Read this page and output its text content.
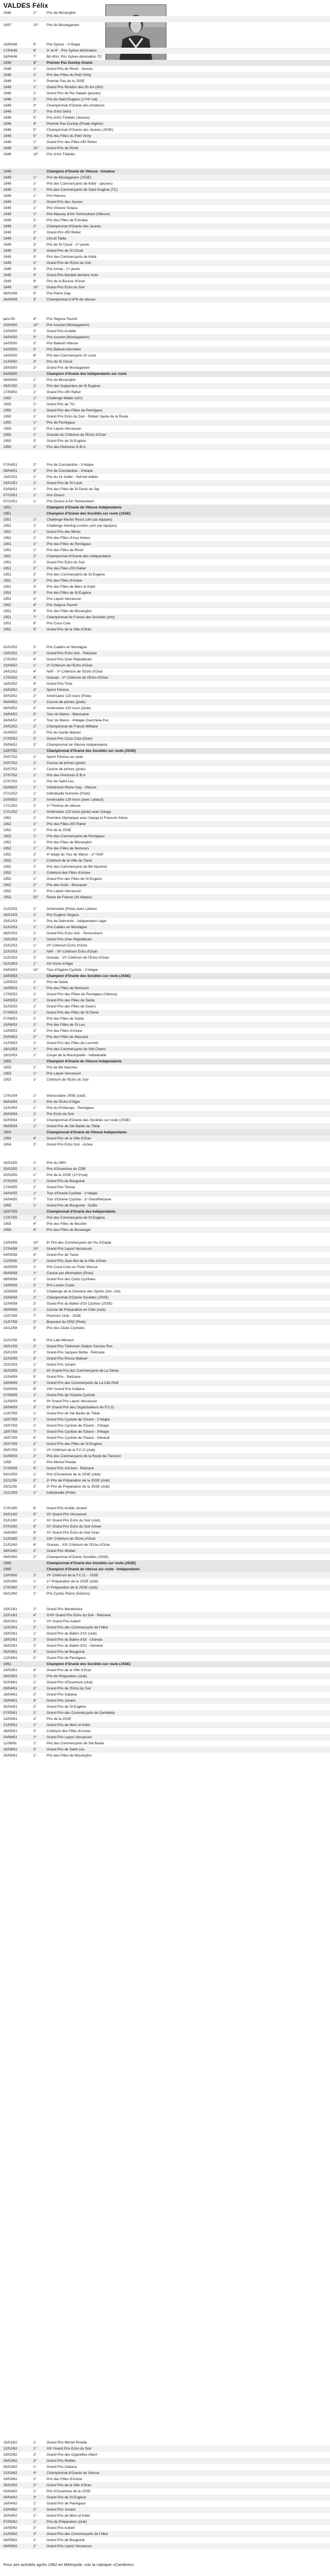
VALDES Félix
1946	2°	Prix de Misserghin
1947	10°	Prix de Mostaganem
16/04/48	5°	Prix Sylvex - 1ʳᵉétape
17/04/48	6°	3ᵉ et 4ᵉ - Prix Sylvex élimination
18/04/48	7°	Bd 40m. Prix Sylvex élimination TC
1948	1°	Premier Pas Dunlop Oranie
1948	1°	Grand Prix de Rivoli - Jeunes
1948	1°	Prix des Filles du Petit Vichy
1948	1°	Premier Pas de la JSSE
1948	1°	Grand Prix Rondon des 50 km (clm)
1948	1°	Grand Prix de Rio Salado (jeunes)
1948	2°	Prix de Saint Eugène (1ʳᵉ/4ᵉ cat)
1948	3°	Championnat d'Oranie des Amateurs
1948	2°	Prix d'Aïn Sefra
1948	5°	Prix d'Aïn Tédelès (Jeunes)
1948	4°	Premier Pas Dunlop (Finale Algérie)
1948	5°	Championnat d'Oranie des Jeunes (JSSE)
1948	5°	Prix des Filles du Petit Vichy
1948	1°	Grand Prix des Filles d'El Rahel
1948	10°	Grand Prix de Rivoli
1948	10°	Prix d'Aïn Tédelès
1949	Champion d'Oranie de Vitesse - Amateur
1949	1°	Prix de Mostaganem (JSSE)
1949	1°	Prix des Commerçants de Kebir - (jeunes)
1949	1°	Prix des Commerçants de Saint Eugène (TC)
1949	1°	Prix Herrero
1949	1°	Grand Prix des Jeunes
1949	1°	Prix Vincent Sotaca
1949	1°	Prix Massey d'Aïn Temouchent (Vitesse)
1949	1°	Prix des Filles de Fornaka
1949	2°	Championnat d'Oranie des Jeunes
1949	2°	Grand Prix d'El Rahel
1949	2°	Circuit Tabla
1949	3°	Prix de St Cloud - 1ʳᵉ jeune
1949	3°	Grand Prix de St Cloud
1949	3°	Prix des Commerçants de Kebir
1949	3°	Grand Prix de l'Echo du Soir
1949	3°	Prix Arreia - 1ʳᵉ jeune
1949	4°	Grand Prix Bardelli derrière moto
1949	9°	Prix de la Bourse d'Oran
1949	10°	Grand Prix Echo du Soir
06/03/49	9°	Prix Pierre Gay
26/09/49	3°	Championnat d'AFN de vitesse
janv-50	4°	Prix Segura-Tourret
23/04/50	10°	Prix Assoret (Mostaganem)
23/04/50	2°	Grand Prix Arsiella
24/04/50	5°	Prix Assoret (Mostaganem)
14/05/50	2°	Prix Balestri Vitesse
14/05/50	2°	Prix Balestri kilomètre
14/05/50	8°	Prix des Commerçants St Louis
21/05/50	3°	Prix de St Cloud
29/05/50	2°	Grand Prix de Mostaganem
04/06/50	Champion d'Oranie des Indépendants sur route
04/06/50	1°	Prix de Misserghin
05/07/50	1°	Prix des Supporters de St Eugène
17/09/50	1°	Grand Prix d'El Rahel
1950	1°	Challenge Walter (clm)
1950	1°	Grand Prix de Tizi
1950	1°	Grand Prix des Fêtes de Perrégaux
1950	1°	Grand Prix Echo du Soir - Robart Jaune de la Route
1950	1°	Prix de Perrégaux
1950	1°	Prix Lepori-Vercasson
1950	1°	Oranais du Critérium de l'Echo d'Oran
1950	2°	Grand Prix de St Eugène
1950	2°	Prix des Peintures E.B.A
07/04/51	2°	Prix de Constantine - 1ʳᵉétape
08/04/51	3°	Prix de Constantine - 2ᵉétape
14/01/51	1°	Prix du 14 Juillet - Sidi bel Abbès
14/01/51	1°	Grand Prix de St Louis
03/06/51	1°	Prix des Filles de St Denis du Sig
07/10/51	1°	Prix Orsero
07/10/51	1°	Prix Orsero à Aïn Temouchent
1951	Champion d'Oranie de Vitesse Indépendants
1951	Champion d'Oranie des Sociétés sur route (JSSE)
1951	1°	Challenge Martini Rossi (clm par équipes)
1951	1°	Challenge Sterling-London (clm par équipes)
1951	1°	Grand Prix des Mines
1951	1°	Prix des Filles d'Assi Ameur
1951	1°	Prix des Filles de Perrégaux
1951	1°	Prix des Filles de Rivoli
1951	2°	Championnat d'Oranie des Indépendants
1951	2°	Grand Prix Echo du Soir
1951	2°	Prix des Filles d'El Rahel
1951	2°	Prix des Commerçants de St Eugène
1951	3°	Prix des Filles d'Arzew
1951	3°	Prix des Filles de Mers el Kebir
1951	3°	Prix des Filles de St Eugène
1951	3°	Prix Lepori-Vercasson
1951	4°	Prix Segura-Tourret
1951	4°	Prix des Filles de Misserghin
1951	7°	Championnat de France des Sociétés (clm)
1951	8°	Prix Coca Cola
1951	9°	Grand Prix de la Ville d'Oran
02/02/52	2°	Prix Cadéro en Montagne
10/02/52	2°	Grand Prix Echo Soir - Relizane
17/02/52	4°	Grand Prix Oran Républicain
22/04/52	1°	Vᵉ Critérium de l'Echo d'Oran
24/02/52	4°	NAF - Vᵉ Critérium de l'Echo d'Oran
17/02/52	4°	Oranais - Vᵉ Critérium de l'Echo d'Oran
16/03/52	4°	Grand Prix Tinta
23/03/52	3°	Sprint Fémina
30/03/52	2°	Américaine 120 tours (Piste)
06/04/52	2°	Course de primes (piste)
06/04/52	2°	Américaine 120 tours (piste)
24/04/52	5°	Tour du Maroc - Marocaine
24/04/52	1°	Tour du Maroc - 4ᵉétape Ouezzane-Fez
24/02/52	2°	Championnat de France Militaire
02/05/52	2°	Prix du Garde Maison
07/05/52	2°	Grand Prix Coca Cola (Oran)
05/06/52	2°	Championnat de Vitesse indépendants
13/07/52	Championnat d'Oranie des Sociétés sur route (JSSE)
20/07/52	1°	Sprint Fémina sur piste
20/07/52	1°	Course de primes (piste)
20/07/52	1°	Course de primes (piste)
27/07/52	1°	Prix des Peintures E.B.A
27/07/52	1°	Prix de Saint-Leu
03/08/52	1°	Vélodrome Pierre Gay - Vitesse
07/12/52	1°	Individuelle hommes (Piste)
10/08/52	2°	Américaine 120 tours (avec Lafaoui)
17/12/52	1°	1ʳᵉ Fémina de vitesse
17/12/52	1°	Américaine 120 tours (piste) avec Ganga
1952	1°	Première Olympique avec Ganga et Francois frères
1952	1°	Prix des Filles d'El Rahel
1952	1°	Prix de la JSSE
1952	1°	Prix des Commerçants de Perrégaux
1952	1°	Prix des Filles de Misserghin
1952	1°	Prix des Filles de Nemours
1952	2°	4ᵉ étape du Tour du Maroc - 1ᵉʳ NAF
1952	1°	Critérium de la Ville de Tiaret
1952	1°	Prix des Commerçants du Bd Vauchez
1952	1°	Critérium des Filles d'Arzew
1952	1°	Grand Prix des Filles de St Eugène
1952	2°	Prix des Gulls - Bousquet
1952	2°	Prix Lepori-Vercasson
1952	52°	Route de France (16 étapes)
11/01/53	1°	Américaine (Piste) avec Lafaoui
18/01/53	1°	Prix Eugène Sirgans
25/01/53	1°	Prix de Delmonte - Indépendant Léger
01/02/53	1°	Prix Cadéro en Montagne
08/02/53	1°	Grand Prix Echo Soir - Temouchent
15/02/53	1°	Grand Prix Oran Républicain
22/02/53	1°	VIᵉ Critérium Echo d'Oran
22/02/53	1°	NAF - VIᵉ Critérium Echo d'Oran
22/02/53	2°	Oranais - VIᵉ Critérium de l'Echo d'Oran
01/03/53	1°	XIIᵉ Echo d'Alger
04/03/53	10°	Tour d'Algérie Cycliste - 1ʳᵉétape
10/05/53	Champion d'Oranie des Sociétés sur route (JSSE)
12/05/53	1°	Prix de Saïda
14/05/53	1°	Prix des Filles de Nemours
17/05/53	1°	Grand Prix des Fêtes de Perrégaux (Vitesse)
24/05/53	1°	Grand Prix des Filles de Saïda
31/05/53	1°	Grand Prix des Filles de Guerci
07/06/53	1°	Grand Prix des Filles de St Denis
07/06/53	1°	Prix des Filles de Saïda
15/06/53	1°	Prix des Filles de St Leu
13/09/53	2°	Prix des Filles d'Arzew
20/09/53	2°	Prix des Filles de Mascara
21/09/53	1°	Grand Prix des Filles de Lourmel
18/10/53	1°	Prix des Commerçants de Sidi Chami
18/10/53	1°	Coupe de la Municipalité - Individuelle
1953	Champion d'Oranie de Vitesse Indépendants
1953	1°	Prix de Bd Vauchez
1953	1°	Prix Lepori Vercasson
1953	1°	Critérium de l'Echo du Soir
17/01/54	1°	Interscolaire JSSE (club)
06/03/54	1°	Prix de l'Echo d'Alger
21/03/54	1°	Prix du Printemps - Perrégaux
28/03/54	1°	Prix Echo du Soir
02/05/54	1°	Championnat d'Oranie des Sociétés sur route (JSSE)
09/05/54	1°	Grand Prix de Ste Barbe du Tlélat
1954	Championnat d'Oranie de Vitesse Indépendants
1954	4°	Grand Prix de la Ville d'Oran
1954	2°	Grand Prix Echo Soir - Arzew
16/01/55	1°	Prix du VBH
20/02/55	1°	Prix d'Ouverture du CDB
20/03/55	1°	Prix de la JSSE (1ᵉʳ/2ᵉcat)
27/02/55	1°	Grand Prix de Bouguirat
17/04/55	1°	Grand Prix Tiemaï
24/04/55	1°	Tour d'Oranie Cycliste - 1ʳᵉétape
24/04/55	7°	Tour d'Oranie Cycliste - 2ᵉ Oran/Relizane
1955	1°	Grand Prix de Bouguirat - Ouillis
10/07/55	Championnat d'Oranie des Indépendants
17/07/55	1°	Prix des Commerçants de St Eugène
1955	4°	Prix des Filles de Bousfer
1955	4°	Prix des Filles de Boulanger
13/04/58	10°	8ᵉ Prix des Commerçants de l'Av d'Oujda
27/04/58	10°	Grand Prix Lepori Vercasson
04/05/58	4°	Grand Prix de Tiaret
11/05/58	2°	Grand Prix Jean Bot de la Ville d'Oran
18/05/58	1°	Prix Coca Cola sur Piste Vitesse
06/06/58	1°	Course par élimination (Piste)
08/06/58	1°	Grand Prix des Clubs Cyclistes
14/06/58	2°	Prix Lucien Coste
15/06/58	2°	Challenge de la Direction des Sports (clm, clm)
15/06/58	2°	Championnat d'Oranie Sociétés (JSSE)
22/06/58	2°	Grand Prix du Ballon d'Or Cycliste (JSSE)
29/06/58	1°	Course de Préparation en Côte (club)
13/07/58	7°	Premium Club - JSSE
21/07/58	2°	Brassard du CRO (Piste)
14/12/58	5°	Prix des Clubs Cyclistes
11/01/59	5°	Prix Lahi Mimoun
18/01/59	2°	Grand Prix Télévision Station Service Rus
25/01/59	2°	Grand Prix Jacques Bettia - Relizane
22/02/59	2°	Grand Prix Rocca Mabuel
22/02/59	1°	Grand Prix Jonard
26/03/59	2°	IIIᵉ Grand Prix des Commerçants de La Sénia
12/04/59	5°	Grand Prix - Relizane
19/04/59	3°	Grand Prix des Commerçants de La Cité Petit
03/05/59	9°	VIIIᵉ Grand Prix Galiana
07/06/59	1°	Grand Prix de l'Oranie Cycliste
21/06/59	4°	IIIᵉ Grand Prix Lepori Vercasson
28/06/59	3°	IIIᵉ Grand Prix des Organisateurs du F.C.O.
12/07/59	1°	Grand Prix de Ste Barbe du Tlélat
19/07/59	1°	Grand Prix Cycliste de l'Ouest - 1ʳᵉétape
19/07/59	1°	Grand Prix Cycliste de l'Ouest - 2ᵉétape
19/07/59	7°	Grand Prix Cycliste de l'Ouest - 3ᵉétape
19/07/59	8°	Grand Prix Cycliste de l'Ouest - Général
25/07/59	2°	Grand Prix des Filles de St Eugène
26/07/59	1°	VIᵉ Critérium de la F.C.O (club)
02/08/59	2°	Prix des Commerçants de la Route de Tlemcen
1959	1°	Prix Michel Pineda
27/09/59	3°	Grand Prix d'Arzew - Relizane
04/10/59	1°	Prix d'Ouverture de la JSSE (club)
22/11/59	2°	2ᵉ Prix de Préparation de la JSSE (club)
29/11/59	2°	3ᵉ Prix de Préparation de la JSSE (club)
12/12/59	1°	Individuelle (Piste)
17/01/60	6°	Grand Prix Achille Jonard
24/01/60	9°	XIᵉ Grand Prix Vercasson
31/01/60	1°	XIᵉ Grand Prix Echo du Soir (club)
07/02/60	6°	XIᵉ Grand Prix Echo du Soir Arzew
14/02/60	9°	XIᵉ Grand Prix Echo du Soir Oran
21/02/60	5°	XIIIᵉ Critérium de l'Echo d'Oran
21/02/60	6°	Oranais - XIIᵉ Critérium de l'Echo d'Oran
28/02/60	2°	Grand Prix Wolber
06/03/60	2°	Championnat d'Oranie Sociétés (JSSE)
1960	Championnat d'Oranie des Sociétés sur route (JSSE)
1960	Champion d'Oranie de vitesse sur route - Indépendants
13/03/60	1°	VIᵉ Critérium de la F.C.O. - JSSE
20/03/60	1°	1ʳᵉ Préparation de la JSSE (club)
27/03/60	1°	2ᵉ Préparation de la JSSE (club)
04/12/60	1°	Prix Cycles Pierre (Sénons)
15/01/61	2°	Grand Prix Maubertaul
22/01/61	4°	XVIIᵉ Grand Prix Echo du Soir - Relizane
05/02/61	1°	VIᵉ Grand Prix Aubert
12/02/61	2°	Grand Prix des Commerçants de l'Alba
19/02/61	1°	Grand Prix du Ballon d'Or (club)
19/02/61	2°	Grand Prix du Ballon d'Or - Oranais
26/02/61	2°	Grand Prix du Ballon d'Or - Général
05/03/61	3°	Grand Prix de Bouguirat
12/03/61	2°	Grand Prix de Perrégaux
1961	Champion d'Oranie des Sociétés sur route (JSSE)
19/03/61	4°	Grand Prix de la Ville d'Oran
26/03/61	1°	Prix de Préparation (club)
02/04/61	1°	Grand Prix d'Ouverture (club)
09/04/61	3°	Grand Prix de l'Echo du Soir
16/04/61	2°	Grand Prix Galiana
23/04/61	4°	Grand Prix Jonard
30/04/61	2°	Grand Prix de St Eugène
07/05/61	1°	Grand Prix des Commerçants de Gambetta
14/05/61	2°	Prix de la JSSE
21/05/61	1°	Grand Prix de Mers el Kebir
28/05/61	3°	Critérium des Filles d'Arzew
04/06/61	2°	Grand Prix Lepori Vercasson
11/06/61	1°	Prix des Commerçants de Ste Barbe
18/06/61	2°	Grand Prix de Saint Leu
25/06/61	1°	Prix des Filles de Misserghin
15/01/62	1°	Grand Prix Michel Pineda
12/02/62	1°	XIIᵉ Grand Prix Echo du Soir
19/02/62	2°	Grand Prix des Cigarettes Albert
26/02/62	3°	Grand Prix Wolber
05/03/62	1°	Grand Prix Galiana
12/03/62	4°	Championnat d'Oranie de Vitesse
19/03/62	1°	Prix des Filles d'Arzew
26/03/62	2°	Grand Prix de la Ville d'Oran
02/04/62	1°	Prix d'Ouverture de la JSSE
09/04/62	3°	Grand Prix de St Eugène
16/04/62	1°	Grand Prix de Perrégaux
23/04/62	2°	Grand Prix Jonard
30/04/62	1°	Grand Prix de Mers el Kebir
07/05/62	1°	Prix de Préparation (club)
14/05/62	2°	Grand Prix Aubert
21/05/62	3°	Grand Prix des Commerçants de l'Alba
28/05/62	1°	Grand Prix de Bouguirat
04/06/62	2°	Grand Prix Lepori Vercasson
Pour ses activités après 1962 en Métropole, voir la rubrique «Carrières»
